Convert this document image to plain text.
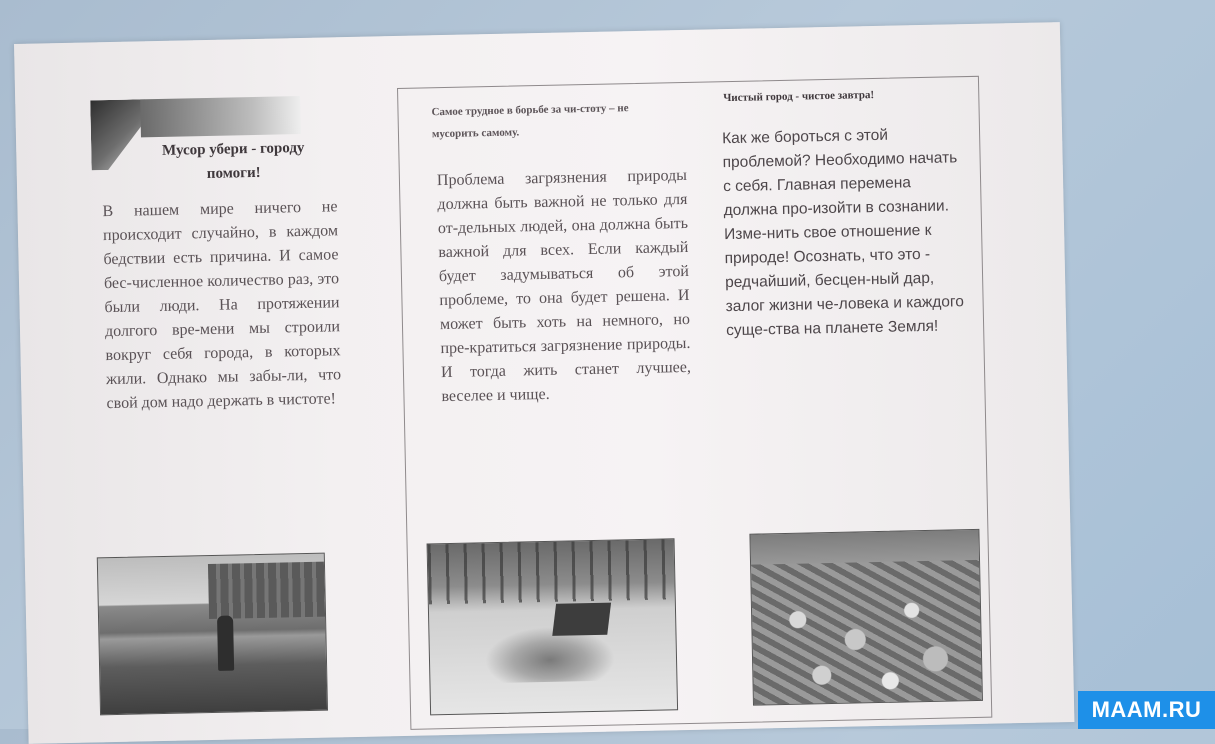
Мусор убери - городу помоги!
В нашем мире ничего не происходит случайно, в каждом бедствии есть причина. И самое бес-численное количество раз, это были люди. На протяжении долгого вре-мени мы строили вокруг себя города, в которых жили. Однако мы забы-ли, что свой дом надо держать в чистоте!
Самое трудное в борьбе за чи-стоту – не мусорить самому.
Проблема загрязнения природы должна быть важной не только для от-дельных людей, она должна быть важной для всех. Если каждый будет задумываться об этой проблеме, то она будет решена. И может быть хоть на немного, но пре-кратиться загрязнение природы. И тогда жить станет лучшее, веселее и чище.
Чистый город - чистое завтра!
Как же бороться с этой проблемой? Необходимо начать с себя. Главная перемена должна про-изойти в сознании. Изме-нить свое отношение к природе! Осознать, что это - редчайший, бесцен-ный дар, залог жизни че-ловека и каждого суще-ства на планете Земля!
MAAM.RU
